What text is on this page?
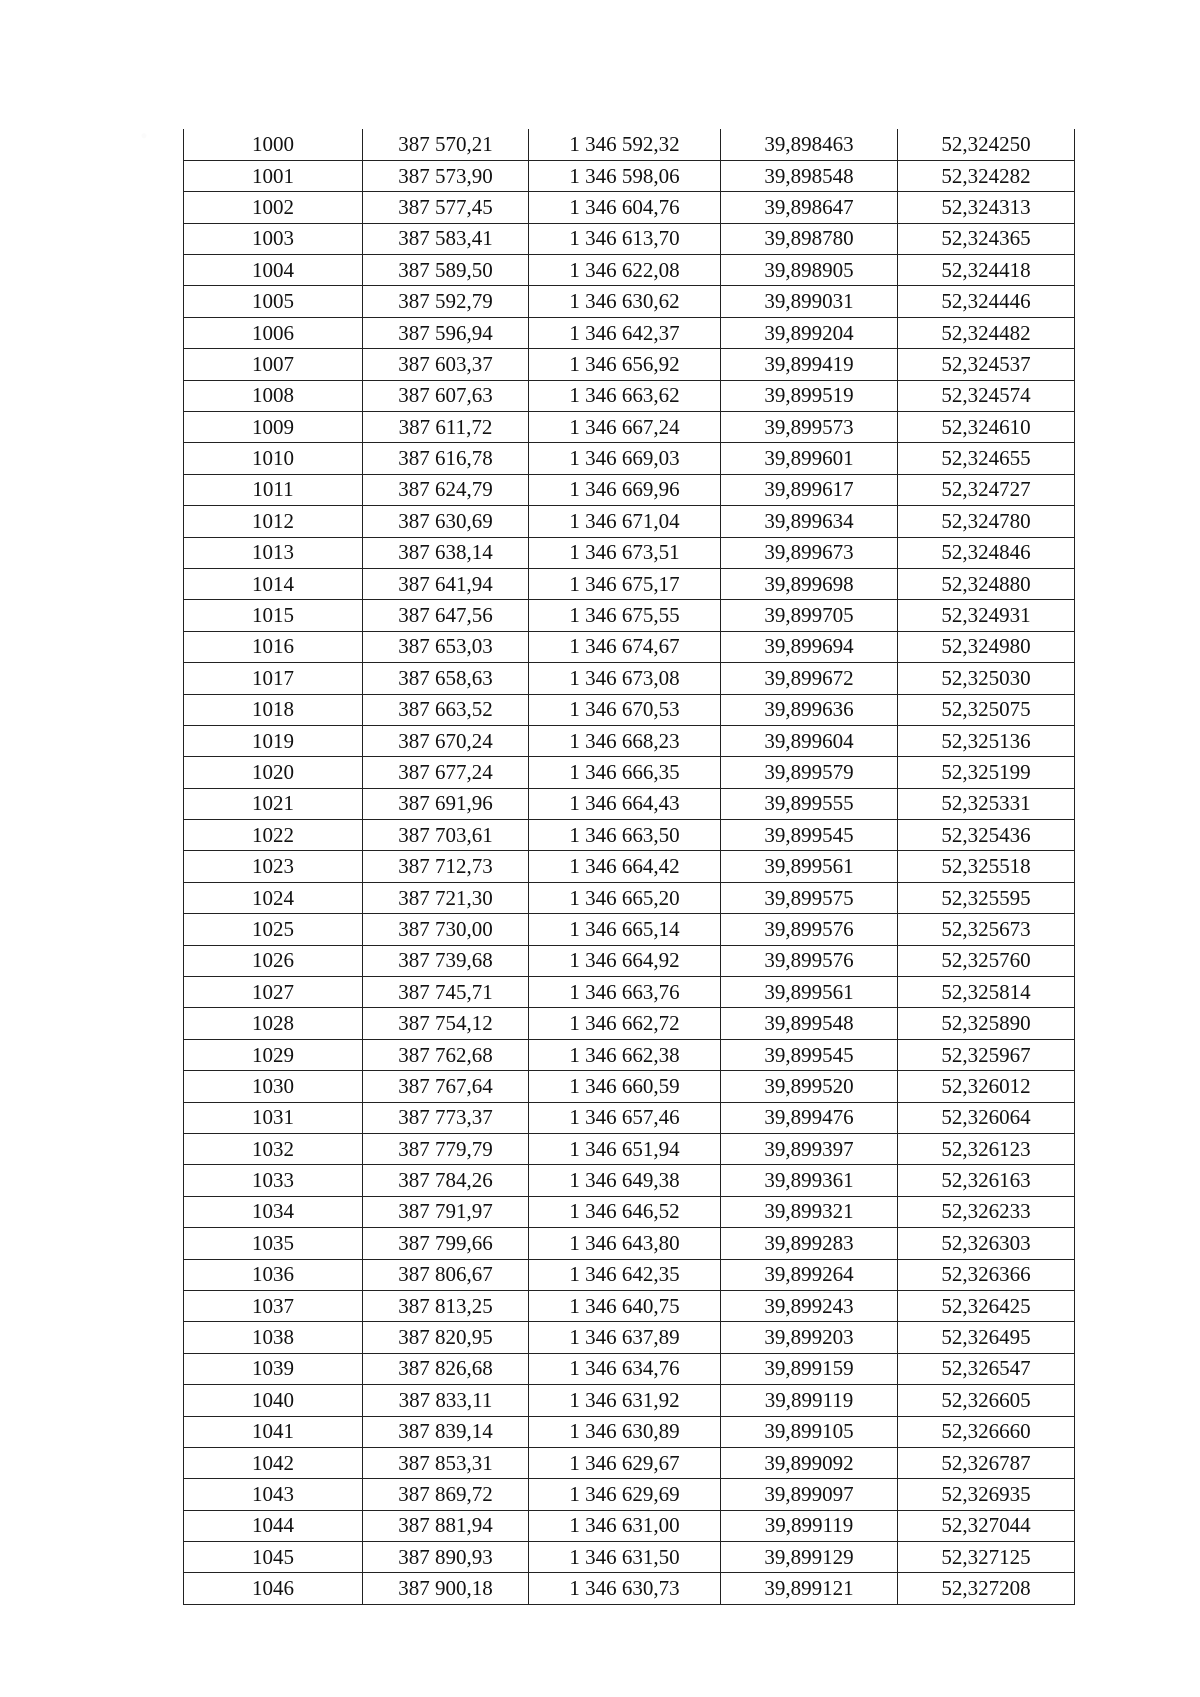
1000	387 570,21	1 346 592,32	39,898463	52,324250
1001	387 573,90	1 346 598,06	39,898548	52,324282
1002	387 577,45	1 346 604,76	39,898647	52,324313
1003	387 583,41	1 346 613,70	39,898780	52,324365
1004	387 589,50	1 346 622,08	39,898905	52,324418
1005	387 592,79	1 346 630,62	39,899031	52,324446
1006	387 596,94	1 346 642,37	39,899204	52,324482
1007	387 603,37	1 346 656,92	39,899419	52,324537
1008	387 607,63	1 346 663,62	39,899519	52,324574
1009	387 611,72	1 346 667,24	39,899573	52,324610
1010	387 616,78	1 346 669,03	39,899601	52,324655
1011	387 624,79	1 346 669,96	39,899617	52,324727
1012	387 630,69	1 346 671,04	39,899634	52,324780
1013	387 638,14	1 346 673,51	39,899673	52,324846
1014	387 641,94	1 346 675,17	39,899698	52,324880
1015	387 647,56	1 346 675,55	39,899705	52,324931
1016	387 653,03	1 346 674,67	39,899694	52,324980
1017	387 658,63	1 346 673,08	39,899672	52,325030
1018	387 663,52	1 346 670,53	39,899636	52,325075
1019	387 670,24	1 346 668,23	39,899604	52,325136
1020	387 677,24	1 346 666,35	39,899579	52,325199
1021	387 691,96	1 346 664,43	39,899555	52,325331
1022	387 703,61	1 346 663,50	39,899545	52,325436
1023	387 712,73	1 346 664,42	39,899561	52,325518
1024	387 721,30	1 346 665,20	39,899575	52,325595
1025	387 730,00	1 346 665,14	39,899576	52,325673
1026	387 739,68	1 346 664,92	39,899576	52,325760
1027	387 745,71	1 346 663,76	39,899561	52,325814
1028	387 754,12	1 346 662,72	39,899548	52,325890
1029	387 762,68	1 346 662,38	39,899545	52,325967
1030	387 767,64	1 346 660,59	39,899520	52,326012
1031	387 773,37	1 346 657,46	39,899476	52,326064
1032	387 779,79	1 346 651,94	39,899397	52,326123
1033	387 784,26	1 346 649,38	39,899361	52,326163
1034	387 791,97	1 346 646,52	39,899321	52,326233
1035	387 799,66	1 346 643,80	39,899283	52,326303
1036	387 806,67	1 346 642,35	39,899264	52,326366
1037	387 813,25	1 346 640,75	39,899243	52,326425
1038	387 820,95	1 346 637,89	39,899203	52,326495
1039	387 826,68	1 346 634,76	39,899159	52,326547
1040	387 833,11	1 346 631,92	39,899119	52,326605
1041	387 839,14	1 346 630,89	39,899105	52,326660
1042	387 853,31	1 346 629,67	39,899092	52,326787
1043	387 869,72	1 346 629,69	39,899097	52,326935
1044	387 881,94	1 346 631,00	39,899119	52,327044
1045	387 890,93	1 346 631,50	39,899129	52,327125
1046	387 900,18	1 346 630,73	39,899121	52,327208
